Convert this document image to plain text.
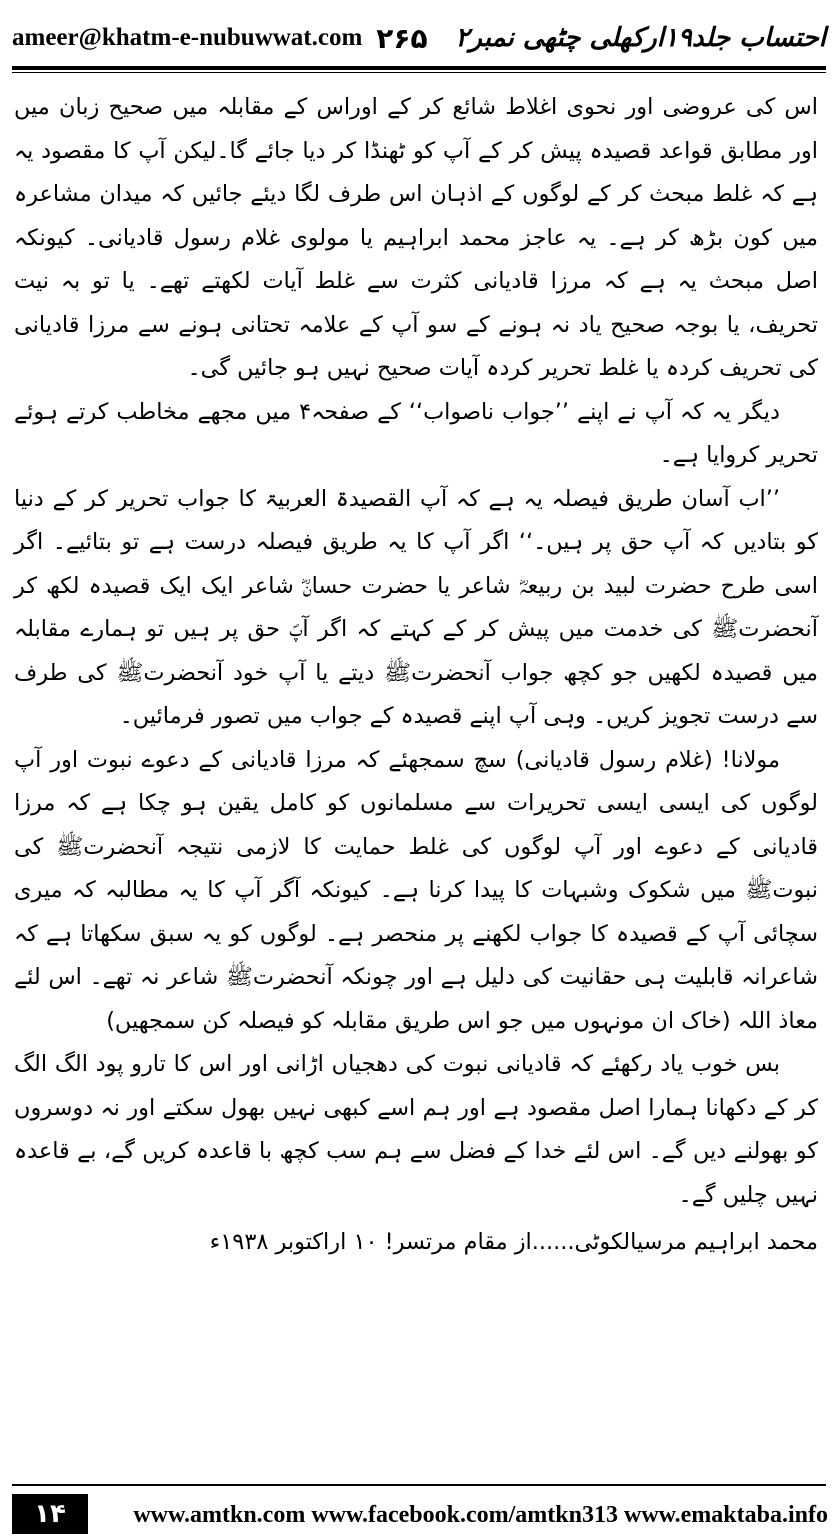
ameer@khatm-e-nubuwwat.com ۲۶۵ احتساب جلد۱۹ارکھلی چٹھی نمبر۲

اس کی عروضی اور نحوی اغلاط شائع کر کے اوراس کے مقابلہ میں صحیح زبان میں اور مطابق قواعد قصیدہ پیش کر کے آپ کو ٹھنڈا کر دیا جائے گا۔لیکن آپ کا مقصود یہ ہے کہ غلط مبحث کر کے لوگوں کے اذہان اس طرف لگا دیئے جائیں کہ میدان مشاعرہ میں کون بڑھ کر ہے۔ یہ عاجز محمد ابراہیم یا مولوی غلام رسول قادیانی۔ کیونکہ اصل مبحث یہ ہے کہ مرزا قادیانی کثرت سے غلط آیات لکھتے تھے۔ یا تو بہ نیت تحریف، یا بوجہ صحیح یاد نہ ہونے کے سو آپ کے علامہ تحتانی ہونے سے مرزا قادیانی کی تحریف کردہ یا غلط تحریر کردہ آیات صحیح نہیں ہو جائیں گی۔

دیگر یہ کہ آپ نے اپنے ’’جواب ناصواب‘‘ کے صفحہ۴ میں مجھے مخاطب کرتے ہوئے تحریر کروایا ہے۔

’’اب آسان طریق فیصلہ یہ ہے کہ آپ القصیدۃ العربیۃ کا جواب تحریر کر کے دنیا کو بتادیں کہ آپ حق پر ہیں۔‘‘ اگر آپ کا یہ طریق فیصلہ درست ہے تو بتائیے۔ اگر اسی طرح حضرت لبید بن ربیعہؓ شاعر یا حضرت حسانؓ شاعر ایک ایک قصیدہ لکھ کر آنحضرتﷺ کی خدمت میں پیش کر کے کہتے کہ اگر آپؐ حق پر ہیں تو ہمارے مقابلہ میں قصیدہ لکھیں جو کچھ جواب آنحضرتﷺ دیتے یا آپ خود آنحضرتﷺ کی طرف سے درست تجویز کریں۔ وہی آپ اپنے قصیدہ کے جواب میں تصور فرمائیں۔

مولانا! (غلام رسول قادیانی) سچ سمجھئے کہ مرزا قادیانی کے دعوے نبوت اور آپ لوگوں کی ایسی ایسی تحریرات سے مسلمانوں کو کامل یقین ہو چکا ہے کہ مرزا قادیانی کے دعوے اور آپ لوگوں کی غلط حمایت کا لازمی نتیجہ آنحضرتﷺ کی نبوتﷺ میں شکوک وشبہات کا پیدا کرنا ہے۔ کیونکہ آگر آپ کا یہ مطالبہ کہ میری سچائی آپ کے قصیدہ کا جواب لکھنے پر منحصر ہے۔ لوگوں کو یہ سبق سکھاتا ہے کہ شاعرانہ قابلیت ہی حقانیت کی دلیل ہے اور چونکہ آنحضرتﷺ شاعر نہ تھے۔ اس لئے معاذ اللہ (خاک ان مونہوں میں جو اس طریق مقابلہ کو فیصلہ کن سمجھیں)

بس خوب یاد رکھئے کہ قادیانی نبوت کی دھجیاں اڑانی اور اس کا تارو پود الگ الگ کر کے دکھانا ہمارا اصل مقصود ہے اور ہم اسے کبھی نہیں بھول سکتے اور نہ دوسروں کو بھولنے دیں گے۔ اس لئے خدا کے فضل سے ہم سب کچھ با قاعدہ کریں گے، بے قاعدہ نہیں چلیں گے۔

محمد ابراہیم مرسیالکوٹی......از مقام مرتسر! ۱۰ اراکتوبر ۱۹۳۸ء

۱۴	www.amtkn.com www.facebook.com/amtkn313 www.emaktaba.info
